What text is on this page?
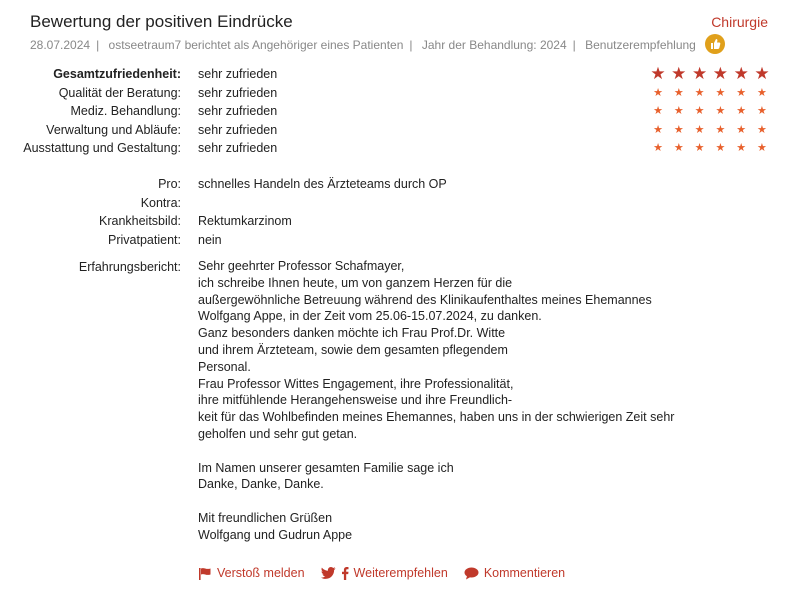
Bewertung der positiven Eindrücke	Chirurgie
28.07.2024 | ostseetraum7 berichtet als Angehöriger eines Patienten | Jahr der Behandlung: 2024 | Benutzerempfehlung
Gesamtzufriedenheit: sehr zufrieden	★ ★ ★ ★ ★ ★
Qualität der Beratung: sehr zufrieden	★ ★ ★ ★ ★ ★
Mediz. Behandlung: sehr zufrieden	★ ★ ★ ★ ★ ★
Verwaltung und Abläufe: sehr zufrieden	★ ★ ★ ★ ★ ★
Ausstattung und Gestaltung: sehr zufrieden	★ ★ ★ ★ ★ ★
Pro: schnelles Handeln des Ärzteteams durch OP
Kontra:
Krankheitsbild: Rektumkarzinom
Privatpatient: nein
Erfahrungsbericht: Sehr geehrter Professor Schafmayer,
ich schreibe Ihnen heute, um von ganzem Herzen für die
außergewöhnliche Betreuung während des Klinikaufenthaltes meines Ehemannes
Wolfgang Appe, in der Zeit vom 25.06-15.07.2024, zu danken.
Ganz besonders danken möchte ich Frau Prof.Dr. Witte
und ihrem Ärzteteam, sowie dem gesamten pflegendem
Personal.
Frau Professor Wittes Engagement, ihre Professionalität,
ihre mitfühlende Herangehensweise und ihre Freundlich-
keit für das Wohlbefinden meines Ehemannes, haben uns in der schwierigen Zeit sehr
geholfen und sehr gut getan.
Im Namen unserer gesamten Familie sage ich
Danke, Danke, Danke.
Mit freundlichen Grüßen
Wolfgang und Gudrun Appe
Verstoß melden	Weiterempfehlen	Kommentieren
